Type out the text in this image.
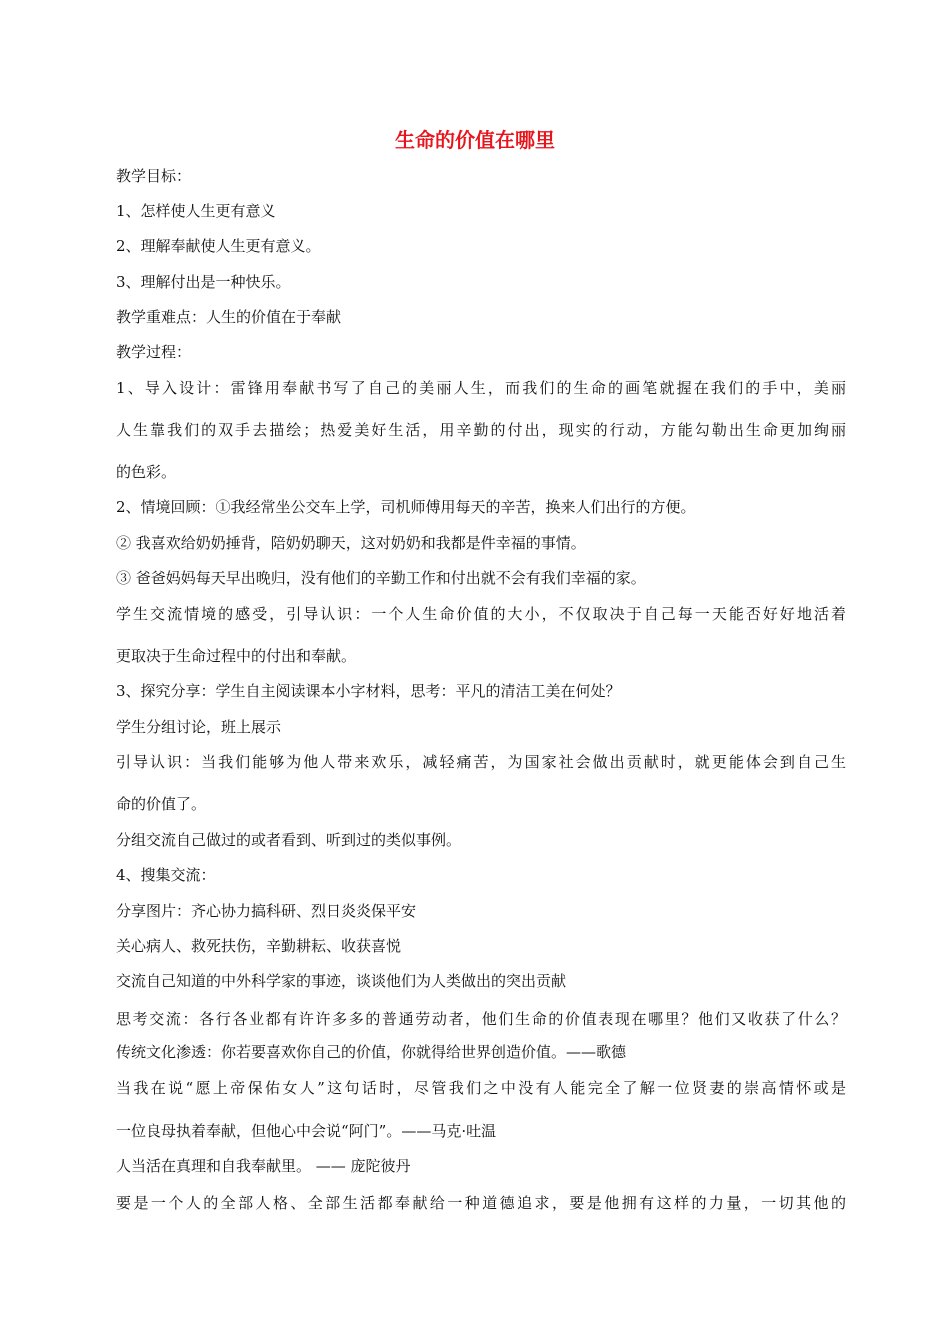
生命的价值在哪里
教学目标：
1、怎样使人生更有意义
2、理解奉献使人生更有意义。
3、理解付出是一种快乐。
教学重难点：人生的价值在于奉献
教学过程：
1、导入设计：雷锋用奉献书写了自己的美丽人生，而我们的生命的画笔就握在我们的手中，美丽
人生靠我们的双手去描绘；热爱美好生活，用辛勤的付出，现实的行动，方能勾勒出生命更加绚丽
的色彩。
2、情境回顾：①我经常坐公交车上学，司机师傅用每天的辛苦，换来人们出行的方便。
② 我喜欢给奶奶捶背，陪奶奶聊天，这对奶奶和我都是件幸福的事情。
③ 爸爸妈妈每天早出晚归，没有他们的辛勤工作和付出就不会有我们幸福的家。
学生交流情境的感受，引导认识：一个人生命价值的大小，不仅取决于自己每一天能否好好地活着
更取决于生命过程中的付出和奉献。
3、探究分享：学生自主阅读课本小字材料，思考：平凡的清洁工美在何处？
学生分组讨论，班上展示
引导认识：当我们能够为他人带来欢乐，减轻痛苦，为国家社会做出贡献时，就更能体会到自己生
命的价值了。
分组交流自己做过的或者看到、听到过的类似事例。
4、搜集交流：
分享图片：齐心协力搞科研、烈日炎炎保平安
关心病人、救死扶伤，辛勤耕耘、收获喜悦
交流自己知道的中外科学家的事迹，谈谈他们为人类做出的突出贡献
思考交流：各行各业都有许许多多的普通劳动者，他们生命的价值表现在哪里？他们又收获了什么？
传统文化渗透：你若要喜欢你自己的价值，你就得给世界创造价值。——歌德
当我在说“愿上帝保佑女人”这句话时，尽管我们之中没有人能完全了解一位贤妻的崇高情怀或是
一位良母执着奉献，但他心中会说“阿门”。——马克·吐温
人当活在真理和自我奉献里。 —— 庞陀彼丹
要是一个人的全部人格、全部生活都奉献给一种道德追求，要是他拥有这样的力量，一切其他的
